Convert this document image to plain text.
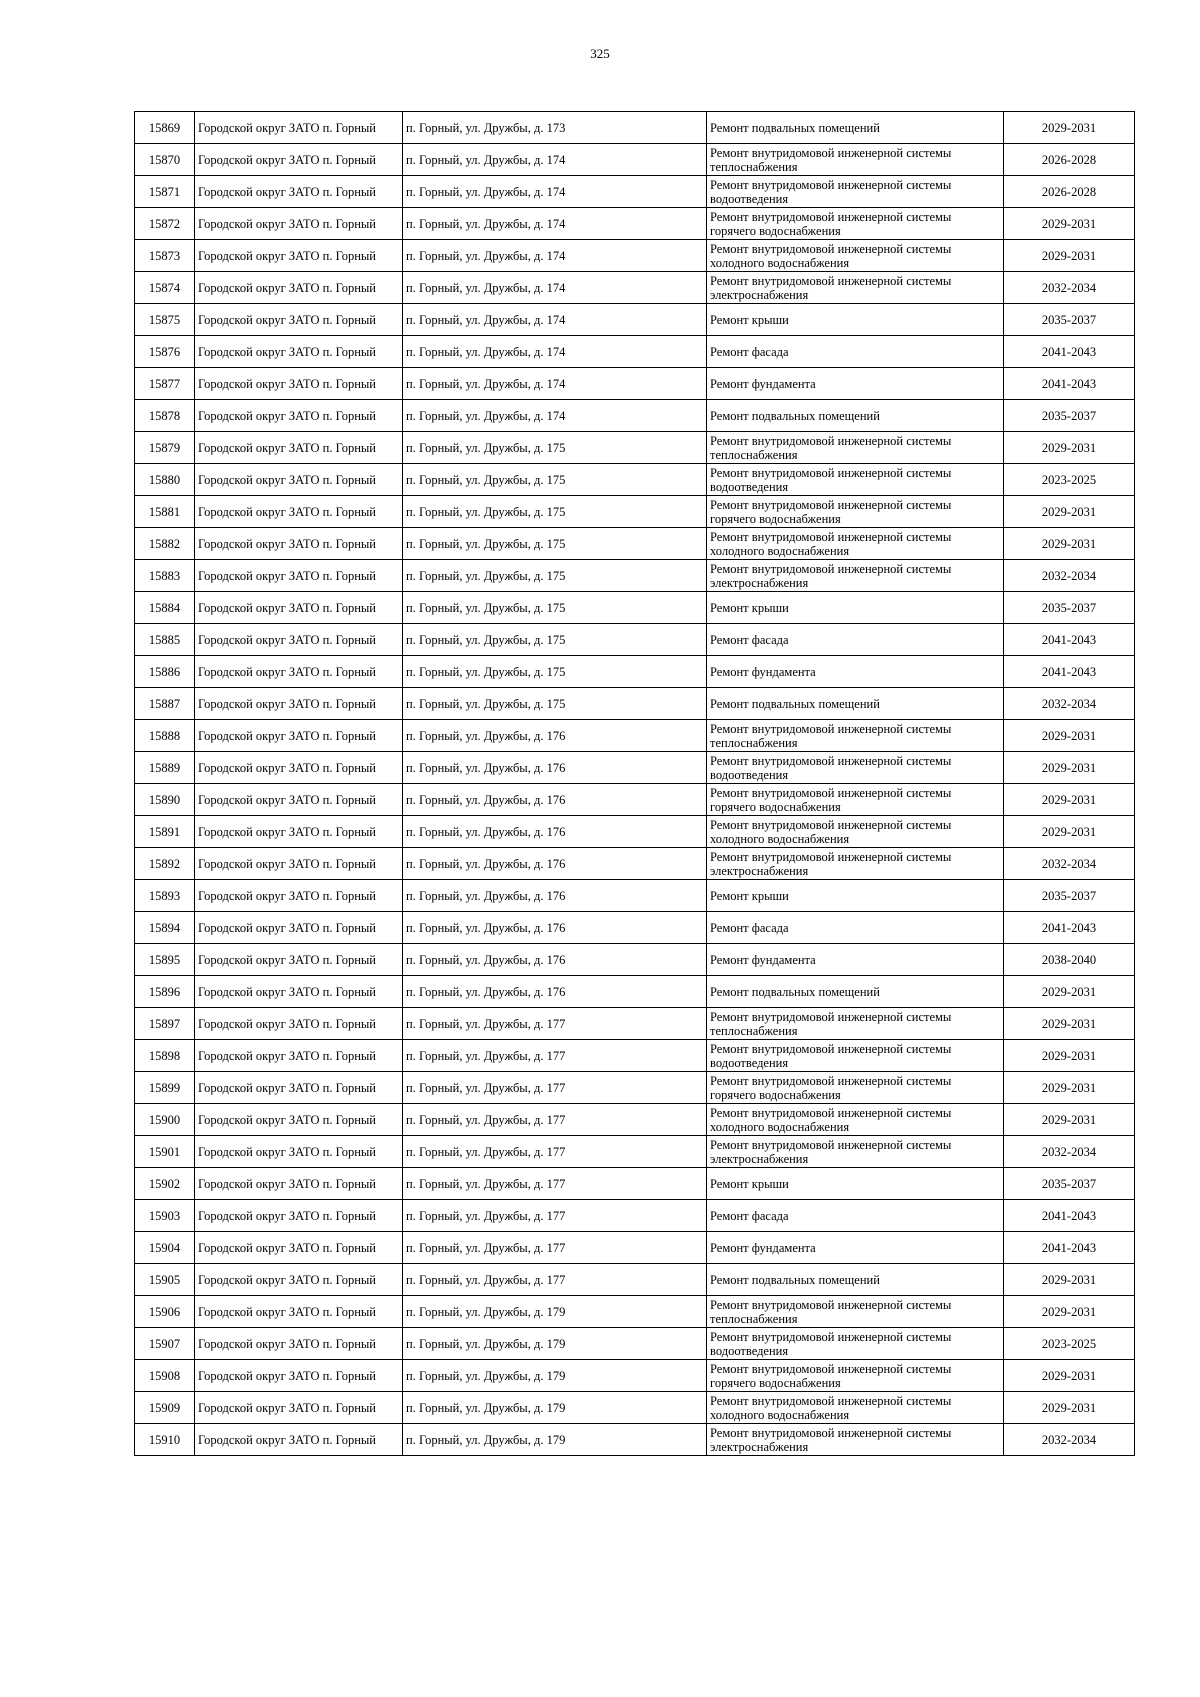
325
15869	Городской округ ЗАТО п. Горный	п. Горный, ул. Дружбы, д. 173	Ремонт подвальных помещений	2029-2031
15870	Городской округ ЗАТО п. Горный	п. Горный, ул. Дружбы, д. 174	Ремонт внутридомовой инженерной системы теплоснабжения	2026-2028
15871	Городской округ ЗАТО п. Горный	п. Горный, ул. Дружбы, д. 174	Ремонт внутридомовой инженерной системы водоотведения	2026-2028
15872	Городской округ ЗАТО п. Горный	п. Горный, ул. Дружбы, д. 174	Ремонт внутридомовой инженерной системы горячего водоснабжения	2029-2031
15873	Городской округ ЗАТО п. Горный	п. Горный, ул. Дружбы, д. 174	Ремонт внутридомовой инженерной системы холодного водоснабжения	2029-2031
15874	Городской округ ЗАТО п. Горный	п. Горный, ул. Дружбы, д. 174	Ремонт внутридомовой инженерной системы электроснабжения	2032-2034
15875	Городской округ ЗАТО п. Горный	п. Горный, ул. Дружбы, д. 174	Ремонт крыши	2035-2037
15876	Городской округ ЗАТО п. Горный	п. Горный, ул. Дружбы, д. 174	Ремонт фасада	2041-2043
15877	Городской округ ЗАТО п. Горный	п. Горный, ул. Дружбы, д. 174	Ремонт фундамента	2041-2043
15878	Городской округ ЗАТО п. Горный	п. Горный, ул. Дружбы, д. 174	Ремонт подвальных помещений	2035-2037
15879	Городской округ ЗАТО п. Горный	п. Горный, ул. Дружбы, д. 175	Ремонт внутридомовой инженерной системы теплоснабжения	2029-2031
15880	Городской округ ЗАТО п. Горный	п. Горный, ул. Дружбы, д. 175	Ремонт внутридомовой инженерной системы водоотведения	2023-2025
15881	Городской округ ЗАТО п. Горный	п. Горный, ул. Дружбы, д. 175	Ремонт внутридомовой инженерной системы горячего водоснабжения	2029-2031
15882	Городской округ ЗАТО п. Горный	п. Горный, ул. Дружбы, д. 175	Ремонт внутридомовой инженерной системы холодного водоснабжения	2029-2031
15883	Городской округ ЗАТО п. Горный	п. Горный, ул. Дружбы, д. 175	Ремонт внутридомовой инженерной системы электроснабжения	2032-2034
15884	Городской округ ЗАТО п. Горный	п. Горный, ул. Дружбы, д. 175	Ремонт крыши	2035-2037
15885	Городской округ ЗАТО п. Горный	п. Горный, ул. Дружбы, д. 175	Ремонт фасада	2041-2043
15886	Городской округ ЗАТО п. Горный	п. Горный, ул. Дружбы, д. 175	Ремонт фундамента	2041-2043
15887	Городской округ ЗАТО п. Горный	п. Горный, ул. Дружбы, д. 175	Ремонт подвальных помещений	2032-2034
15888	Городской округ ЗАТО п. Горный	п. Горный, ул. Дружбы, д. 176	Ремонт внутридомовой инженерной системы теплоснабжения	2029-2031
15889	Городской округ ЗАТО п. Горный	п. Горный, ул. Дружбы, д. 176	Ремонт внутридомовой инженерной системы водоотведения	2029-2031
15890	Городской округ ЗАТО п. Горный	п. Горный, ул. Дружбы, д. 176	Ремонт внутридомовой инженерной системы горячего водоснабжения	2029-2031
15891	Городской округ ЗАТО п. Горный	п. Горный, ул. Дружбы, д. 176	Ремонт внутридомовой инженерной системы холодного водоснабжения	2029-2031
15892	Городской округ ЗАТО п. Горный	п. Горный, ул. Дружбы, д. 176	Ремонт внутридомовой инженерной системы электроснабжения	2032-2034
15893	Городской округ ЗАТО п. Горный	п. Горный, ул. Дружбы, д. 176	Ремонт крыши	2035-2037
15894	Городской округ ЗАТО п. Горный	п. Горный, ул. Дружбы, д. 176	Ремонт фасада	2041-2043
15895	Городской округ ЗАТО п. Горный	п. Горный, ул. Дружбы, д. 176	Ремонт фундамента	2038-2040
15896	Городской округ ЗАТО п. Горный	п. Горный, ул. Дружбы, д. 176	Ремонт подвальных помещений	2029-2031
15897	Городской округ ЗАТО п. Горный	п. Горный, ул. Дружбы, д. 177	Ремонт внутридомовой инженерной системы теплоснабжения	2029-2031
15898	Городской округ ЗАТО п. Горный	п. Горный, ул. Дружбы, д. 177	Ремонт внутридомовой инженерной системы водоотведения	2029-2031
15899	Городской округ ЗАТО п. Горный	п. Горный, ул. Дружбы, д. 177	Ремонт внутридомовой инженерной системы горячего водоснабжения	2029-2031
15900	Городской округ ЗАТО п. Горный	п. Горный, ул. Дружбы, д. 177	Ремонт внутридомовой инженерной системы холодного водоснабжения	2029-2031
15901	Городской округ ЗАТО п. Горный	п. Горный, ул. Дружбы, д. 177	Ремонт внутридомовой инженерной системы электроснабжения	2032-2034
15902	Городской округ ЗАТО п. Горный	п. Горный, ул. Дружбы, д. 177	Ремонт крыши	2035-2037
15903	Городской округ ЗАТО п. Горный	п. Горный, ул. Дружбы, д. 177	Ремонт фасада	2041-2043
15904	Городской округ ЗАТО п. Горный	п. Горный, ул. Дружбы, д. 177	Ремонт фундамента	2041-2043
15905	Городской округ ЗАТО п. Горный	п. Горный, ул. Дружбы, д. 177	Ремонт подвальных помещений	2029-2031
15906	Городской округ ЗАТО п. Горный	п. Горный, ул. Дружбы, д. 179	Ремонт внутридомовой инженерной системы теплоснабжения	2029-2031
15907	Городской округ ЗАТО п. Горный	п. Горный, ул. Дружбы, д. 179	Ремонт внутридомовой инженерной системы водоотведения	2023-2025
15908	Городской округ ЗАТО п. Горный	п. Горный, ул. Дружбы, д. 179	Ремонт внутридомовой инженерной системы горячего водоснабжения	2029-2031
15909	Городской округ ЗАТО п. Горный	п. Горный, ул. Дружбы, д. 179	Ремонт внутридомовой инженерной системы холодного водоснабжения	2029-2031
15910	Городской округ ЗАТО п. Горный	п. Горный, ул. Дружбы, д. 179	Ремонт внутридомовой инженерной системы электроснабжения	2032-2034
